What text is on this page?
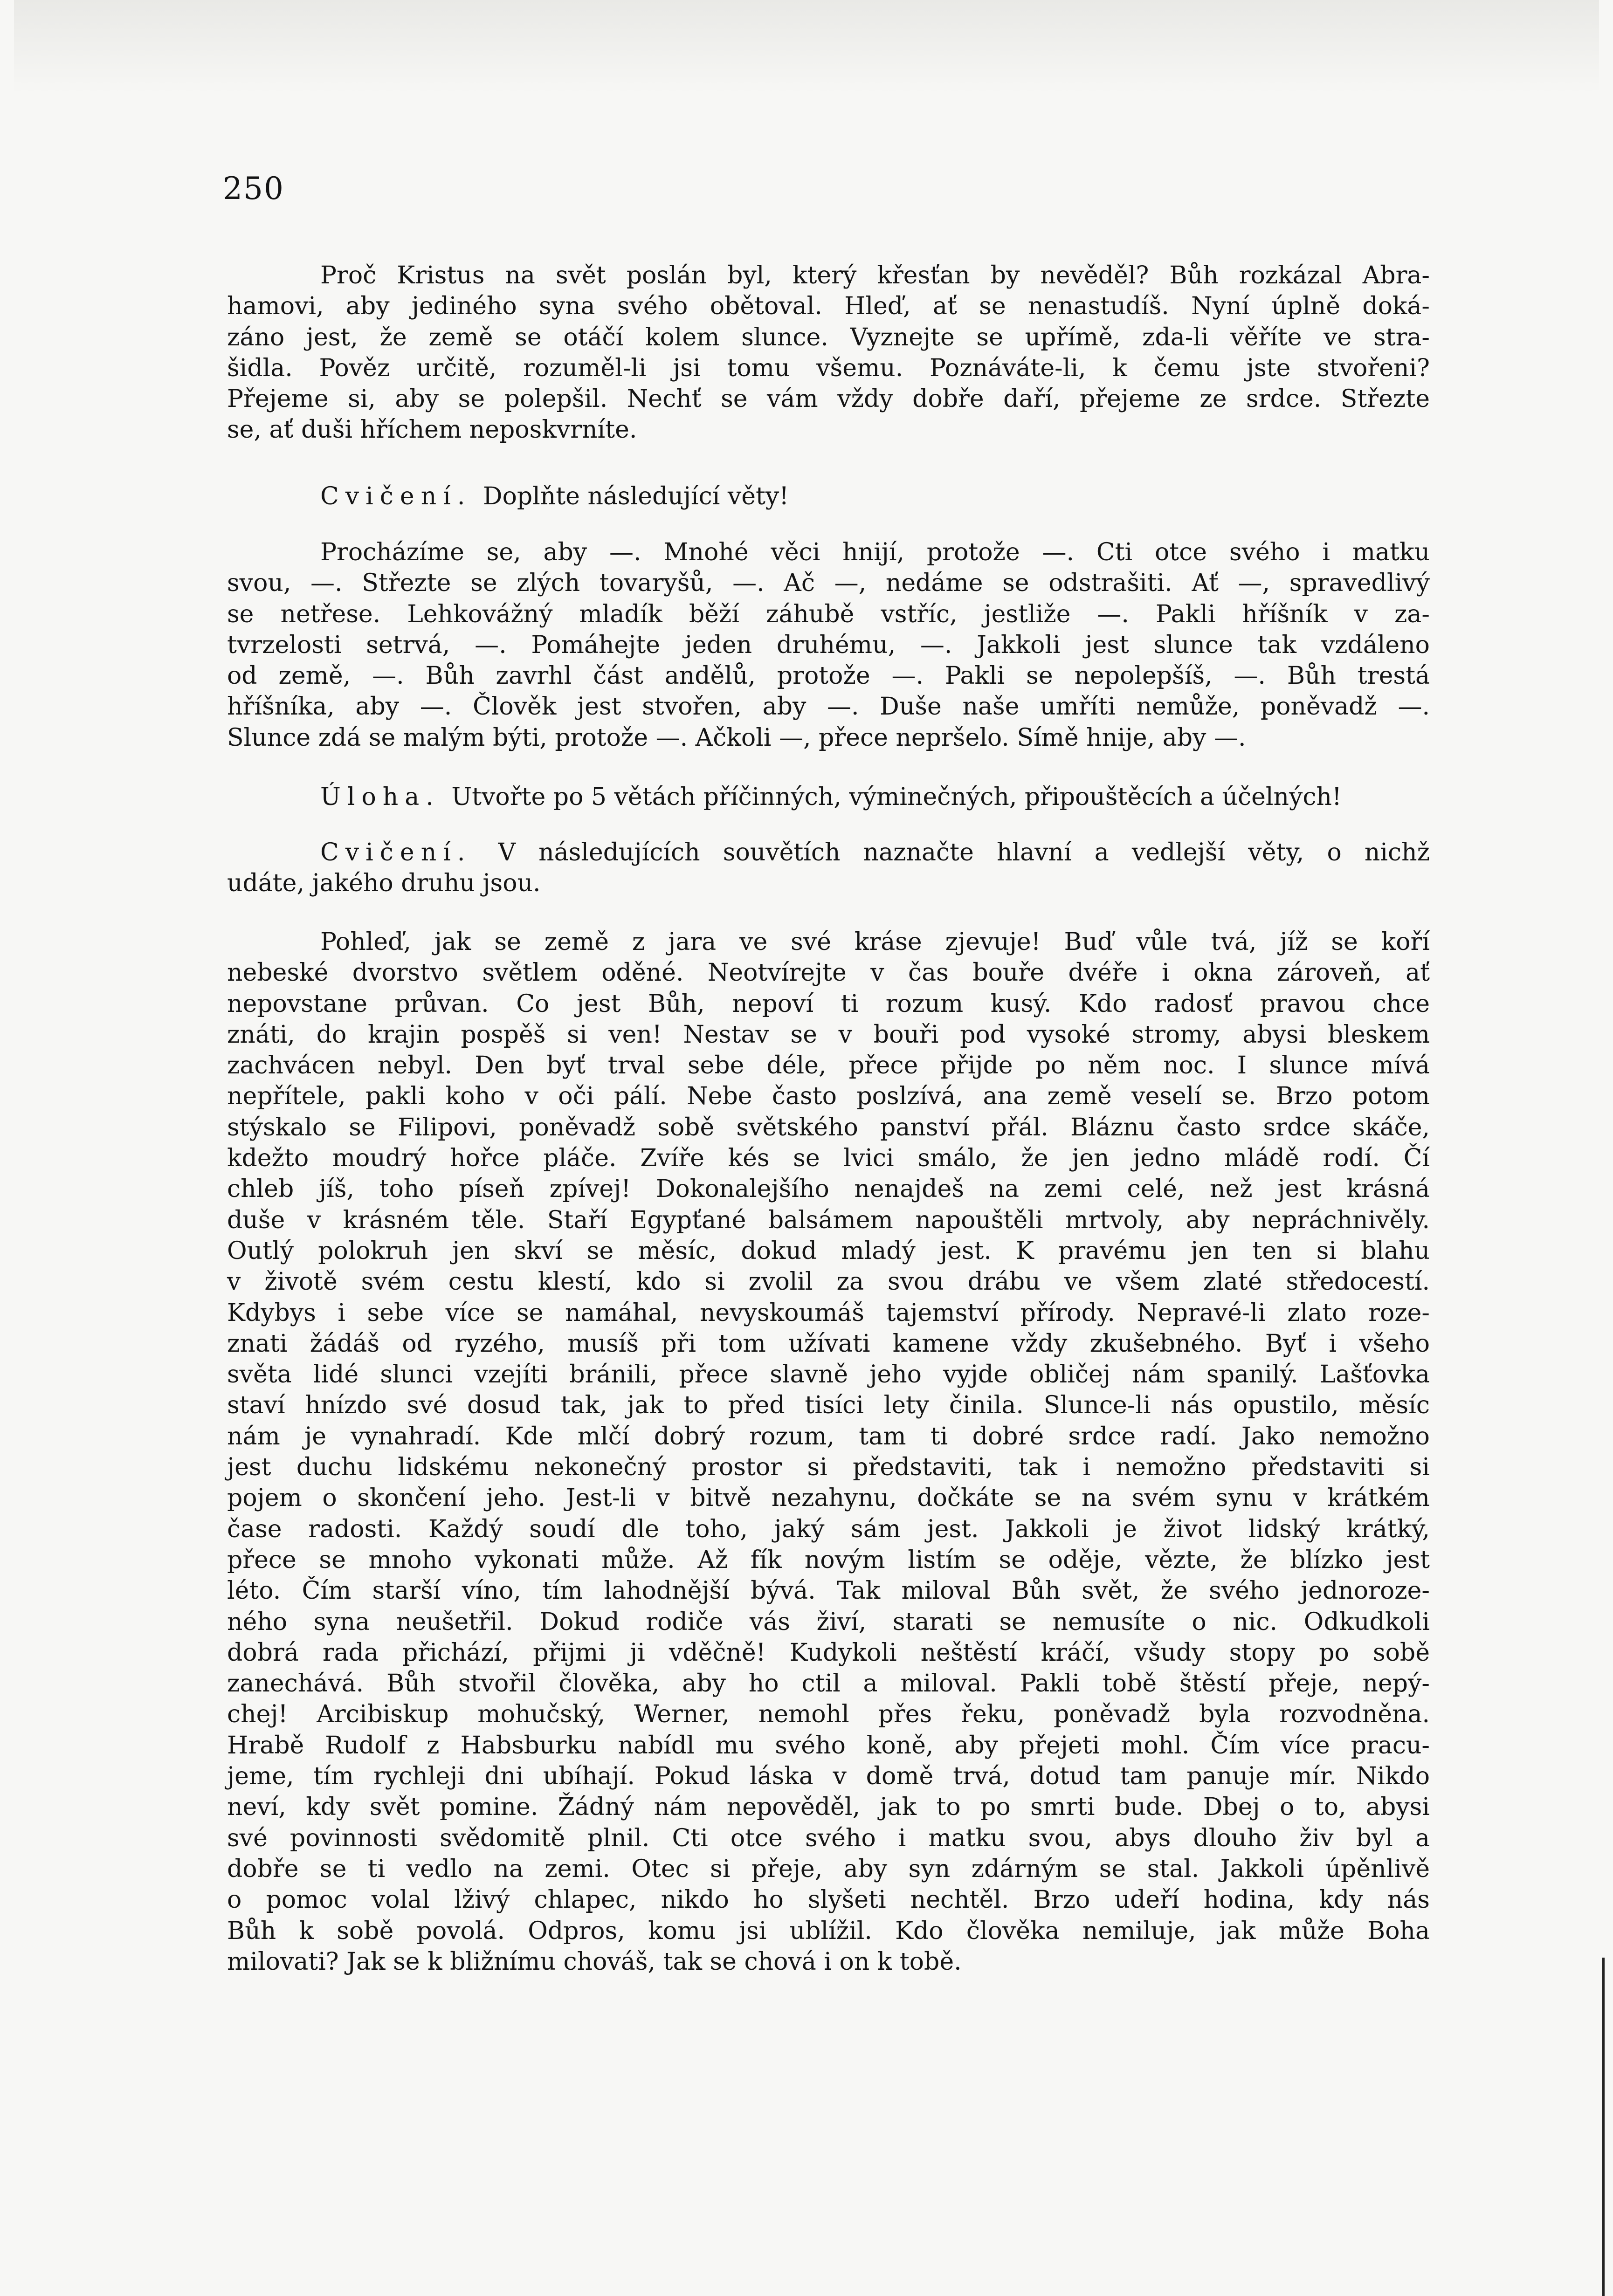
250
Proč Kristus na svět poslán byl, který křesťan by nevěděl? Bůh rozkázal Abra-
hamovi, aby jediného syna svého obětoval. Hleď, ať se nenastudíš. Nyní úplně doká-
záno jest, že země se otáčí kolem slunce. Vyznejte se upřímě, zda-li věříte ve stra-
šidla. Pověz určitě, rozuměl-li jsi tomu všemu. Poznáváte-li, k čemu jste stvořeni?
Přejeme si, aby se polepšil. Nechť se vám vždy dobře daří, přejeme ze srdce. Střezte
se, ať duši hříchem neposkvrníte.
Cvičení. Doplňte následující věty!
Procházíme se, aby —. Mnohé věci hnijí, protože —. Cti otce svého i matku
svou, —. Střezte se zlých tovaryšů, —. Ač —, nedáme se odstrašiti. Ať —, spravedlivý
se netřese. Lehkovážný mladík běží záhubě vstříc, jestliže —. Pakli hříšník v za-
tvrzelosti setrvá, —. Pomáhejte jeden druhému, —. Jakkoli jest slunce tak vzdáleno
od země, —. Bůh zavrhl část andělů, protože —. Pakli se nepolepšíš, —. Bůh trestá
hříšníka, aby —. Člověk jest stvořen, aby —. Duše naše umříti nemůže, poněvadž —.
Slunce zdá se malým býti, protože —. Ačkoli —, přece nepršelo. Símě hnije, aby —.
Úloha. Utvořte po 5 větách příčinných, výminečných, připouštěcích a účelných!
Cvičení. V následujících souvětích naznačte hlavní a vedlejší věty, o nichž
udáte, jakého druhu jsou.
Pohleď, jak se země z jara ve své kráse zjevuje! Buď vůle tvá, jíž se koří
nebeské dvorstvo světlem oděné. Neotvírejte v čas bouře dvéře i okna zároveň, ať
nepovstane průvan. Co jest Bůh, nepoví ti rozum kusý. Kdo radosť pravou chce
znáti, do krajin pospěš si ven! Nestav se v bouři pod vysoké stromy, abysi bleskem
zachvácen nebyl. Den byť trval sebe déle, přece přijde po něm noc. I slunce mívá
nepřítele, pakli koho v oči pálí. Nebe často poslzívá, ana země veselí se. Brzo potom
stýskalo se Filipovi, poněvadž sobě světského panství přál. Bláznu často srdce skáče,
kdežto moudrý hořce pláče. Zvíře kés se lvici smálo, že jen jedno mládě rodí. Čí
chleb jíš, toho píseň zpívej! Dokonalejšího nenajdeš na zemi celé, než jest krásná
duše v krásném těle. Staří Egypťané balsámem napouštěli mrtvoly, aby nepráchnivěly.
Outlý polokruh jen skví se měsíc, dokud mladý jest. K pravému jen ten si blahu
v životě svém cestu klestí, kdo si zvolil za svou drábu ve všem zlaté středocestí.
Kdybys i sebe více se namáhal, nevyskoumáš tajemství přírody. Nepravé-li zlato roze-
znati žádáš od ryzého, musíš při tom užívati kamene vždy zkušebného. Byť i všeho
světa lidé slunci vzejíti bránili, přece slavně jeho vyjde obličej nám spanilý. Lašťovka
staví hnízdo své dosud tak, jak to před tisíci lety činila. Slunce-li nás opustilo, měsíc
nám je vynahradí. Kde mlčí dobrý rozum, tam ti dobré srdce radí. Jako nemožno
jest duchu lidskému nekonečný prostor si představiti, tak i nemožno představiti si
pojem o skončení jeho. Jest-li v bitvě nezahynu, dočkáte se na svém synu v krátkém
čase radosti. Každý soudí dle toho, jaký sám jest. Jakkoli je život lidský krátký,
přece se mnoho vykonati může. Až fík novým listím se oděje, vězte, že blízko jest
léto. Čím starší víno, tím lahodnější bývá. Tak miloval Bůh svět, že svého jednoroze-
ného syna neušetřil. Dokud rodiče vás živí, starati se nemusíte o nic. Odkudkoli
dobrá rada přichází, přijmi ji vděčně! Kudykoli neštěstí kráčí, všudy stopy po sobě
zanechává. Bůh stvořil člověka, aby ho ctil a miloval. Pakli tobě štěstí přeje, nepý-
chej! Arcibiskup mohučský, Werner, nemohl přes řeku, poněvadž byla rozvodněna.
Hrabě Rudolf z Habsburku nabídl mu svého koně, aby přejeti mohl. Čím více pracu-
jeme, tím rychleji dni ubíhají. Pokud láska v domě trvá, dotud tam panuje mír. Nikdo
neví, kdy svět pomine. Žádný nám nepověděl, jak to po smrti bude. Dbej o to, abysi
své povinnosti svědomitě plnil. Cti otce svého i matku svou, abys dlouho živ byl a
dobře se ti vedlo na zemi. Otec si přeje, aby syn zdárným se stal. Jakkoli úpěnlivě
o pomoc volal lživý chlapec, nikdo ho slyšeti nechtěl. Brzo udeří hodina, kdy nás
Bůh k sobě povolá. Odpros, komu jsi ublížil. Kdo člověka nemiluje, jak může Boha
milovati? Jak se k bližnímu chováš, tak se chová i on k tobě.
